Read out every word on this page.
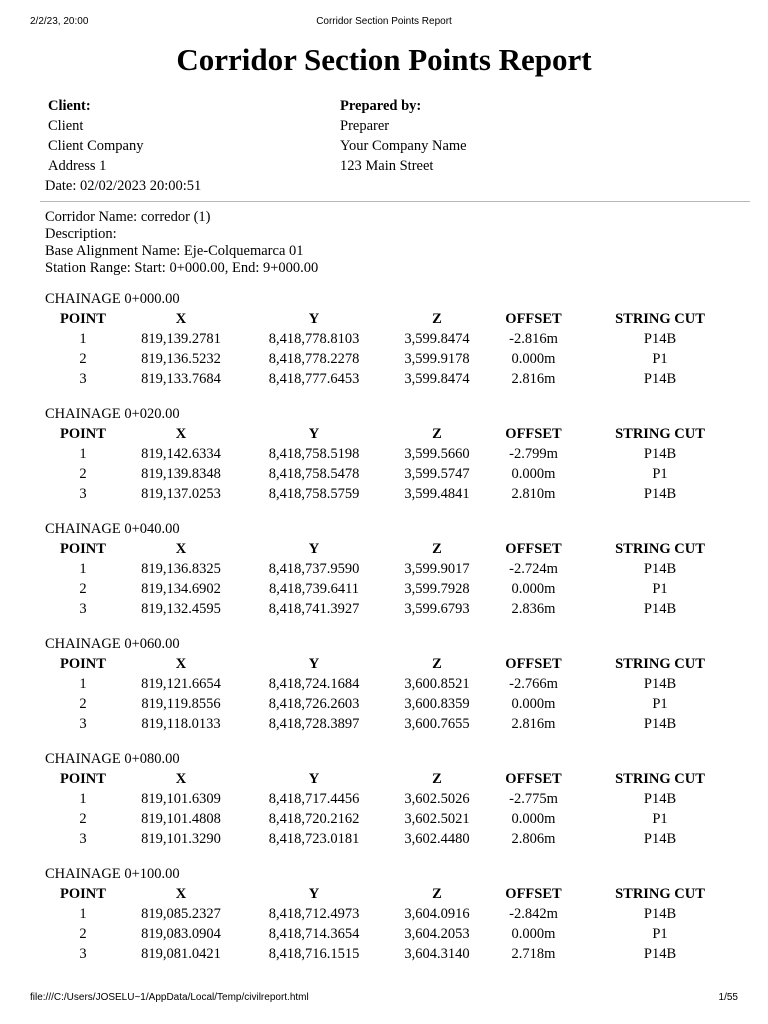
2/2/23, 20:00	Corridor Section Points Report
Corridor Section Points Report
Client:
Client
Client Company
Address 1
Prepared by:
Preparer
Your Company Name
123 Main Street
Date: 02/02/2023 20:00:51
Corridor Name: corredor (1)
Description:
Base Alignment Name: Eje-Colquemarca 01
Station Range: Start: 0+000.00, End: 9+000.00
CHAINAGE 0+000.00
POINT	X	Y	Z	OFFSET	STRING CUT
1	819,139.2781	8,418,778.8103	3,599.8474	-2.816m	P14B
2	819,136.5232	8,418,778.2278	3,599.9178	0.000m	P1
3	819,133.7684	8,418,777.6453	3,599.8474	2.816m	P14B
CHAINAGE 0+020.00
POINT	X	Y	Z	OFFSET	STRING CUT
1	819,142.6334	8,418,758.5198	3,599.5660	-2.799m	P14B
2	819,139.8348	8,418,758.5478	3,599.5747	0.000m	P1
3	819,137.0253	8,418,758.5759	3,599.4841	2.810m	P14B
CHAINAGE 0+040.00
POINT	X	Y	Z	OFFSET	STRING CUT
1	819,136.8325	8,418,737.9590	3,599.9017	-2.724m	P14B
2	819,134.6902	8,418,739.6411	3,599.7928	0.000m	P1
3	819,132.4595	8,418,741.3927	3,599.6793	2.836m	P14B
CHAINAGE 0+060.00
POINT	X	Y	Z	OFFSET	STRING CUT
1	819,121.6654	8,418,724.1684	3,600.8521	-2.766m	P14B
2	819,119.8556	8,418,726.2603	3,600.8359	0.000m	P1
3	819,118.0133	8,418,728.3897	3,600.7655	2.816m	P14B
CHAINAGE 0+080.00
POINT	X	Y	Z	OFFSET	STRING CUT
1	819,101.6309	8,418,717.4456	3,602.5026	-2.775m	P14B
2	819,101.4808	8,418,720.2162	3,602.5021	0.000m	P1
3	819,101.3290	8,418,723.0181	3,602.4480	2.806m	P14B
CHAINAGE 0+100.00
POINT	X	Y	Z	OFFSET	STRING CUT
1	819,085.2327	8,418,712.4973	3,604.0916	-2.842m	P14B
2	819,083.0904	8,418,714.3654	3,604.2053	0.000m	P1
3	819,081.0421	8,418,716.1515	3,604.3140	2.718m	P14B
file:///C:/Users/JOSELU~1/AppData/Local/Temp/civilreport.html	1/55
